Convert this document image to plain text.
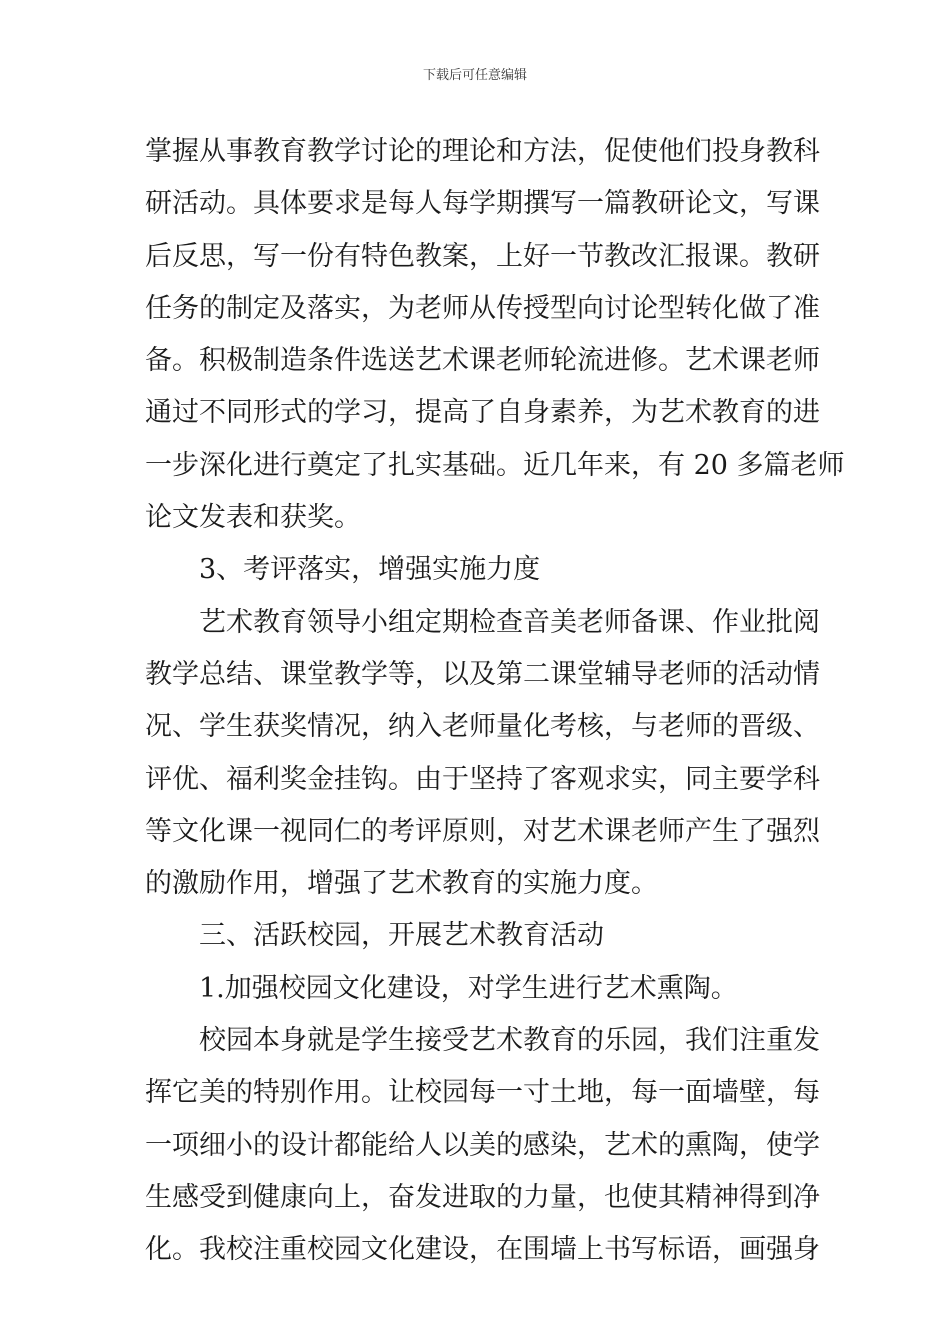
下载后可任意编辑
掌握从事教育教学讨论的理论和方法，促使他们投身教科
研活动。具体要求是每人每学期撰写一篇教研论文，写课
后反思，写一份有特色教案，上好一节教改汇报课。教研
任务的制定及落实，为老师从传授型向讨论型转化做了准
备。积极制造条件选送艺术课老师轮流进修。艺术课老师
通过不同形式的学习，提高了自身素养，为艺术教育的进
一步深化进行奠定了扎实基础。近几年来，有 20 多篇老师
论文发表和获奖。
3、考评落实，增强实施力度
艺术教育领导小组定期检查音美老师备课、作业批阅
教学总结、课堂教学等，以及第二课堂辅导老师的活动情
况、学生获奖情况，纳入老师量化考核，与老师的晋级、
评优、福利奖金挂钩。由于坚持了客观求实，同主要学科
等文化课一视同仁的考评原则，对艺术课老师产生了强烈
的激励作用，增强了艺术教育的实施力度。
三、活跃校园，开展艺术教育活动
1.加强校园文化建设，对学生进行艺术熏陶。
校园本身就是学生接受艺术教育的乐园，我们注重发
挥它美的特别作用。让校园每一寸土地，每一面墙壁，每
一项细小的设计都能给人以美的感染，艺术的熏陶，使学
生感受到健康向上，奋发进取的力量，也使其精神得到净
化。我校注重校园文化建设，在围墙上书写标语，画强身
